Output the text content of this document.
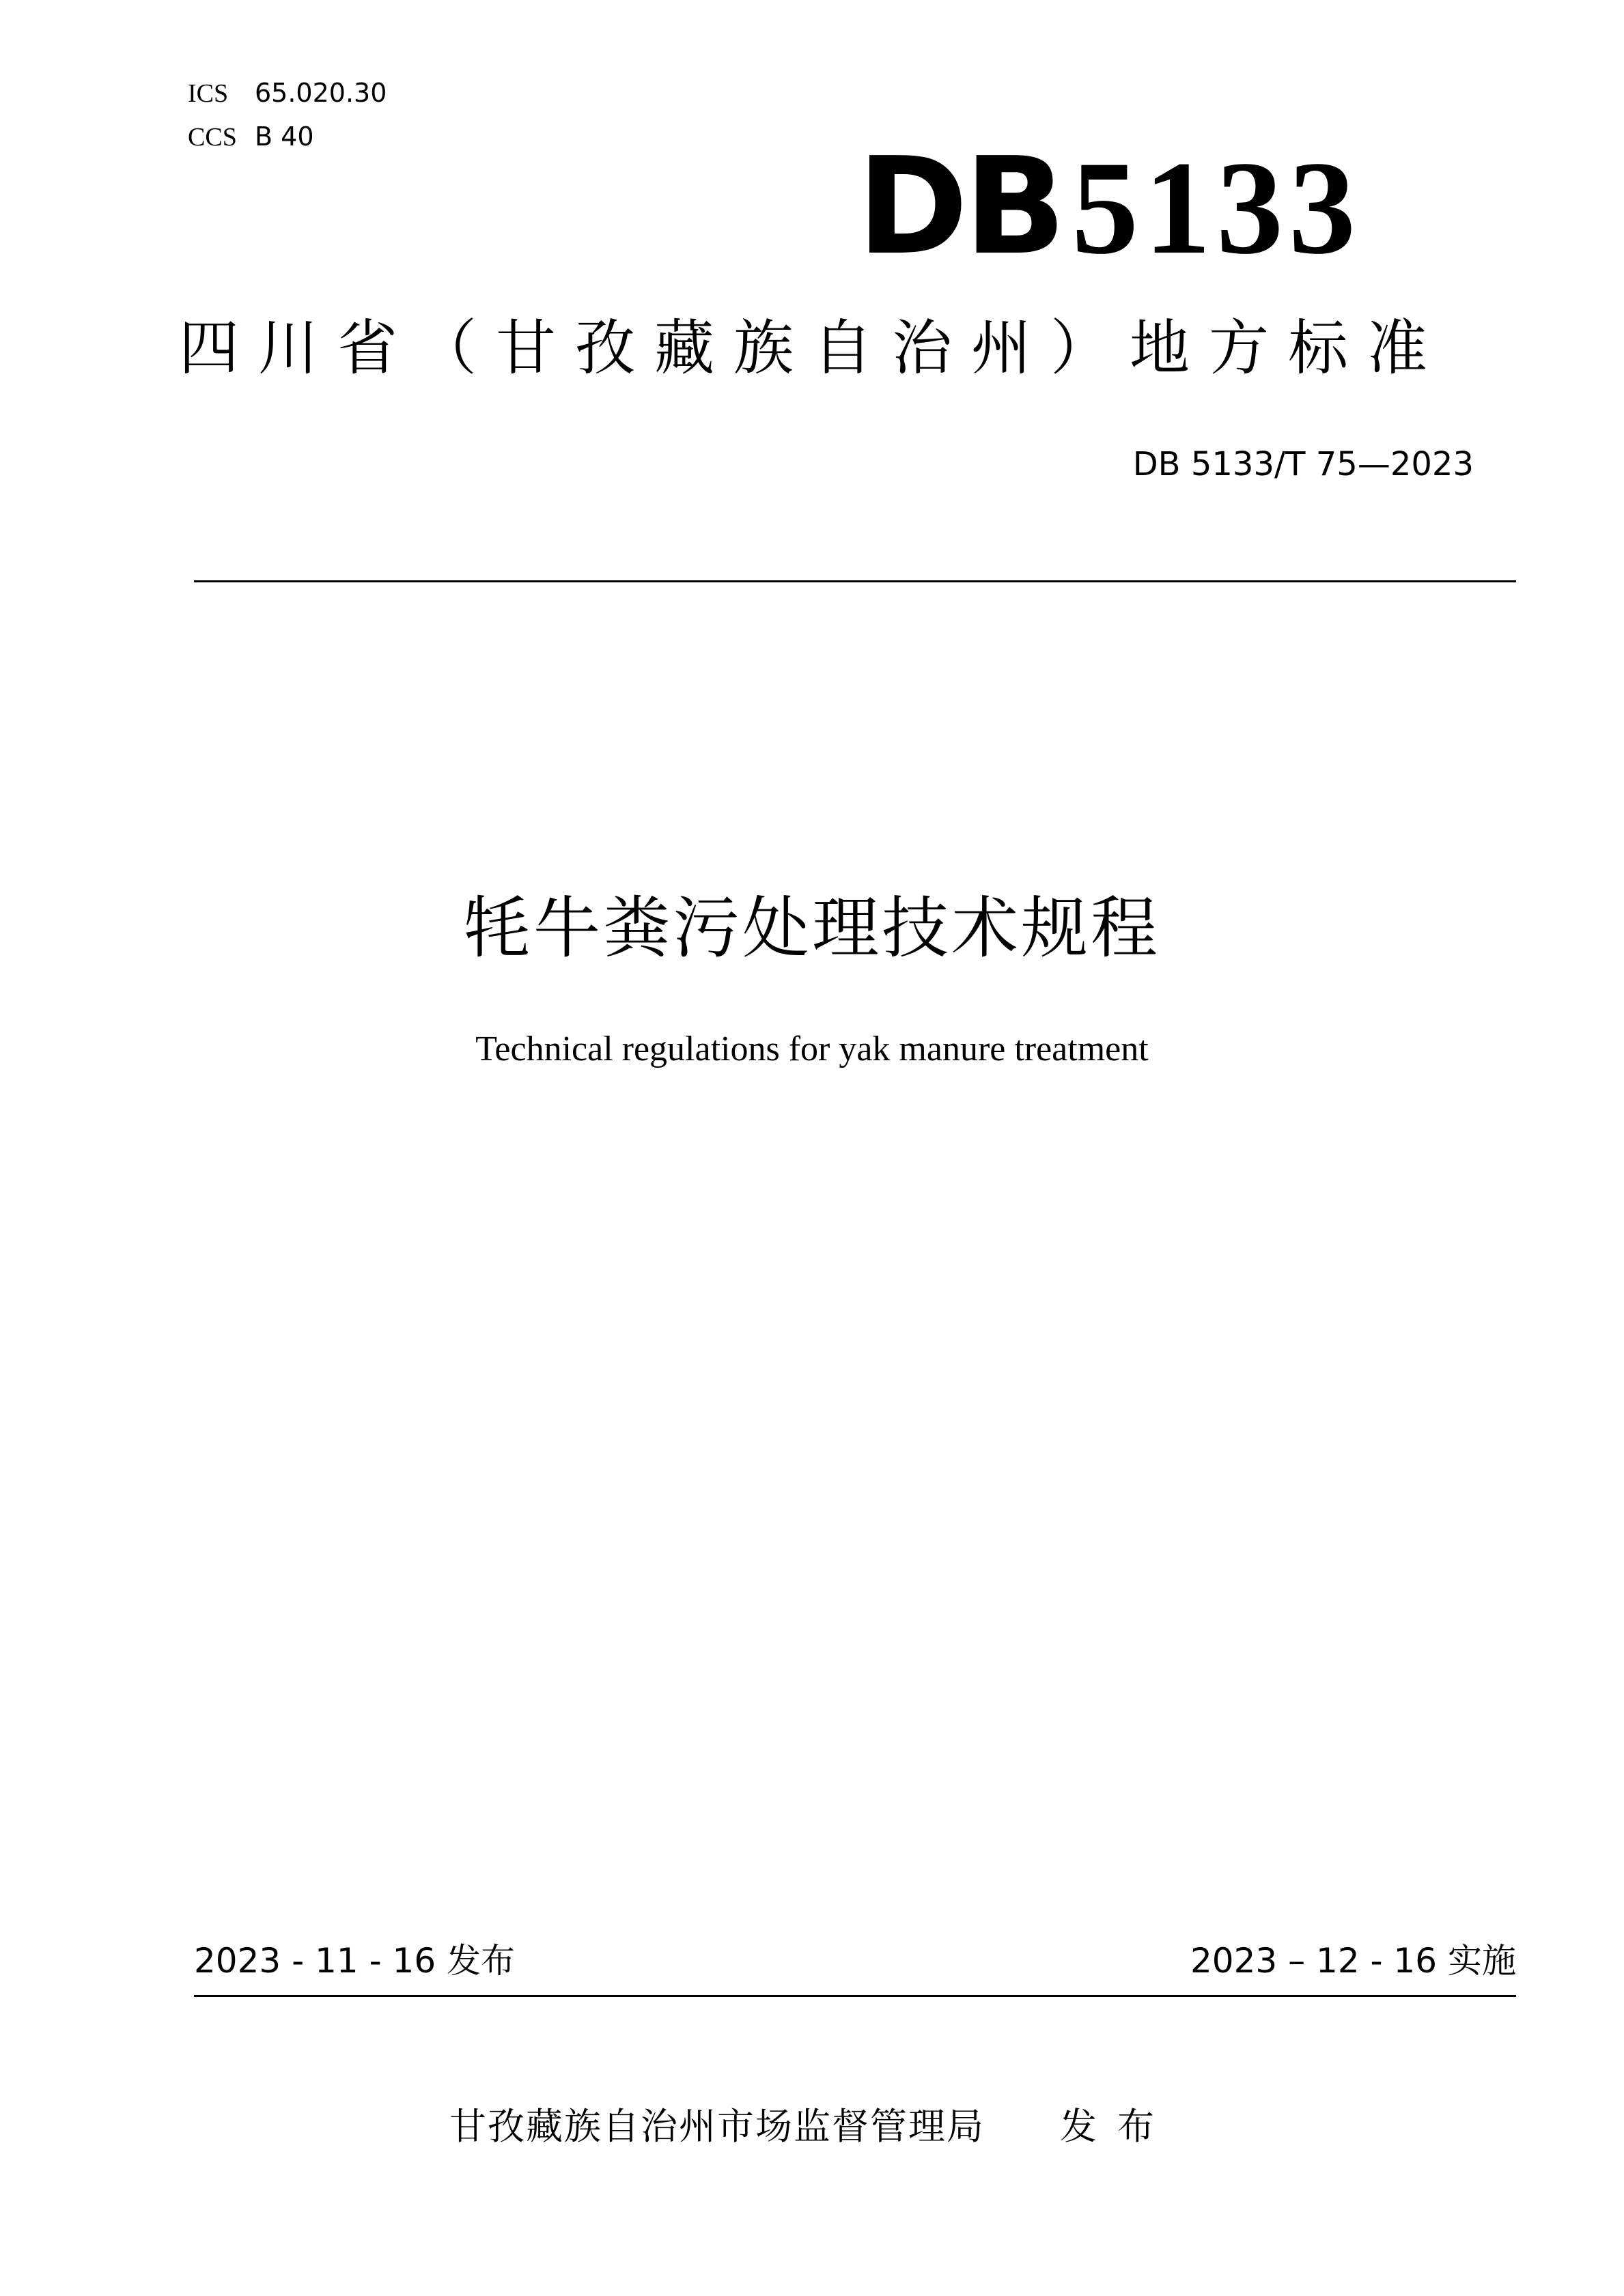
ICS 65.020.30
CCS B 40	DB5133
四川省（甘孜藏族自治州）地方标准
DB 5133/T 75—2023
牦牛粪污处理技术规程
Technical regulations for yak manure treatment
2023 - 11 - 16 发布	2023 – 12 - 16 实施
甘孜藏族自治州市场监督管理局 发布
